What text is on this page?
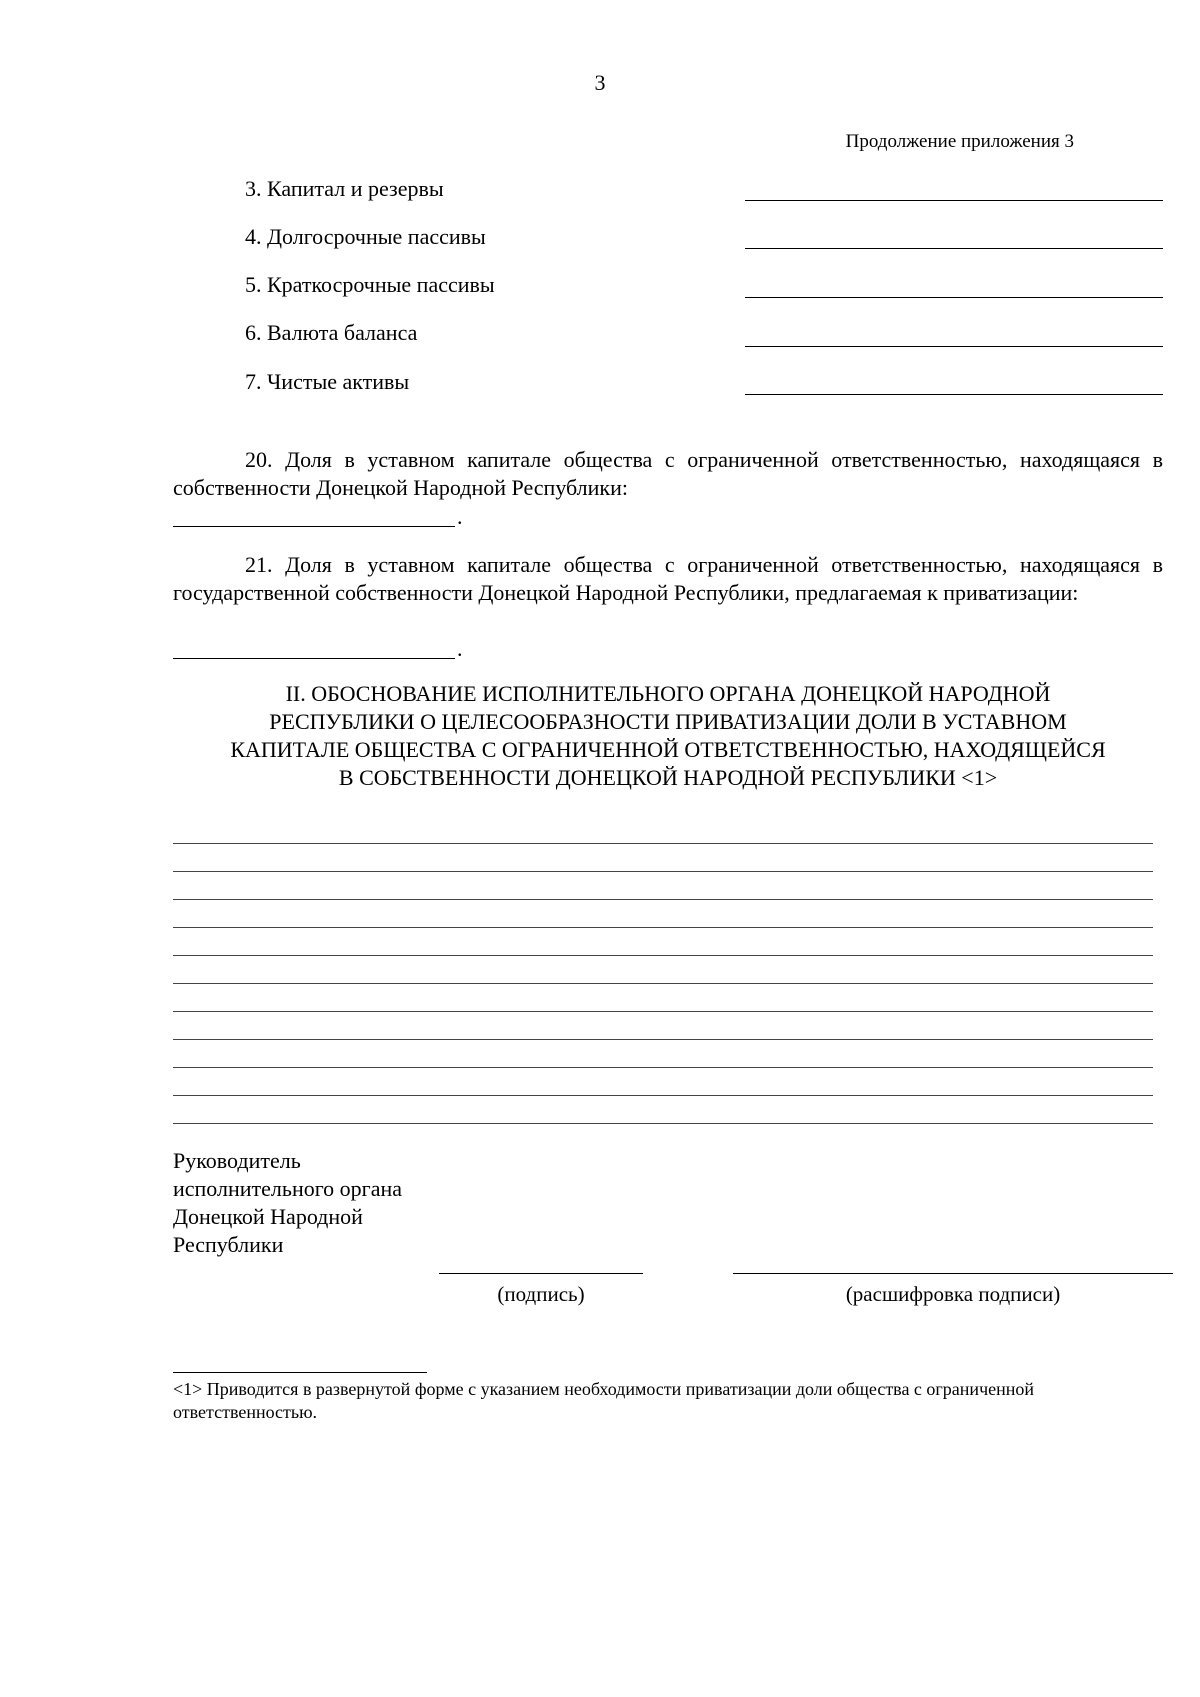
3
Продолжение приложения 3
3. Капитал и резервы
4. Долгосрочные пассивы
5. Краткосрочные пассивы
6. Валюта баланса
7. Чистые активы
20. Доля в уставном капитале общества с ограниченной ответственностью, находящаяся в собственности Донецкой Народной Республики:
.
21. Доля в уставном капитале общества с ограниченной ответственностью, находящаяся в государственной собственности Донецкой Народной Республики, предлагаемая к приватизации:
.
II. ОБОСНОВАНИЕ ИСПОЛНИТЕЛЬНОГО ОРГАНА ДОНЕЦКОЙ НАРОДНОЙ
РЕСПУБЛИКИ О ЦЕЛЕСООБРАЗНОСТИ ПРИВАТИЗАЦИИ ДОЛИ В УСТАВНОМ
КАПИТАЛЕ ОБЩЕСТВА С ОГРАНИЧЕННОЙ ОТВЕТСТВЕННОСТЬЮ, НАХОДЯЩЕЙСЯ
В СОБСТВЕННОСТИ ДОНЕЦКОЙ НАРОДНОЙ РЕСПУБЛИКИ <1>
Руководитель
исполнительного органа
Донецкой Народной
Республики
(подпись)	(расшифровка подписи)
<1> Приводится в развернутой форме с указанием необходимости приватизации доли общества с ограниченной ответственностью.
